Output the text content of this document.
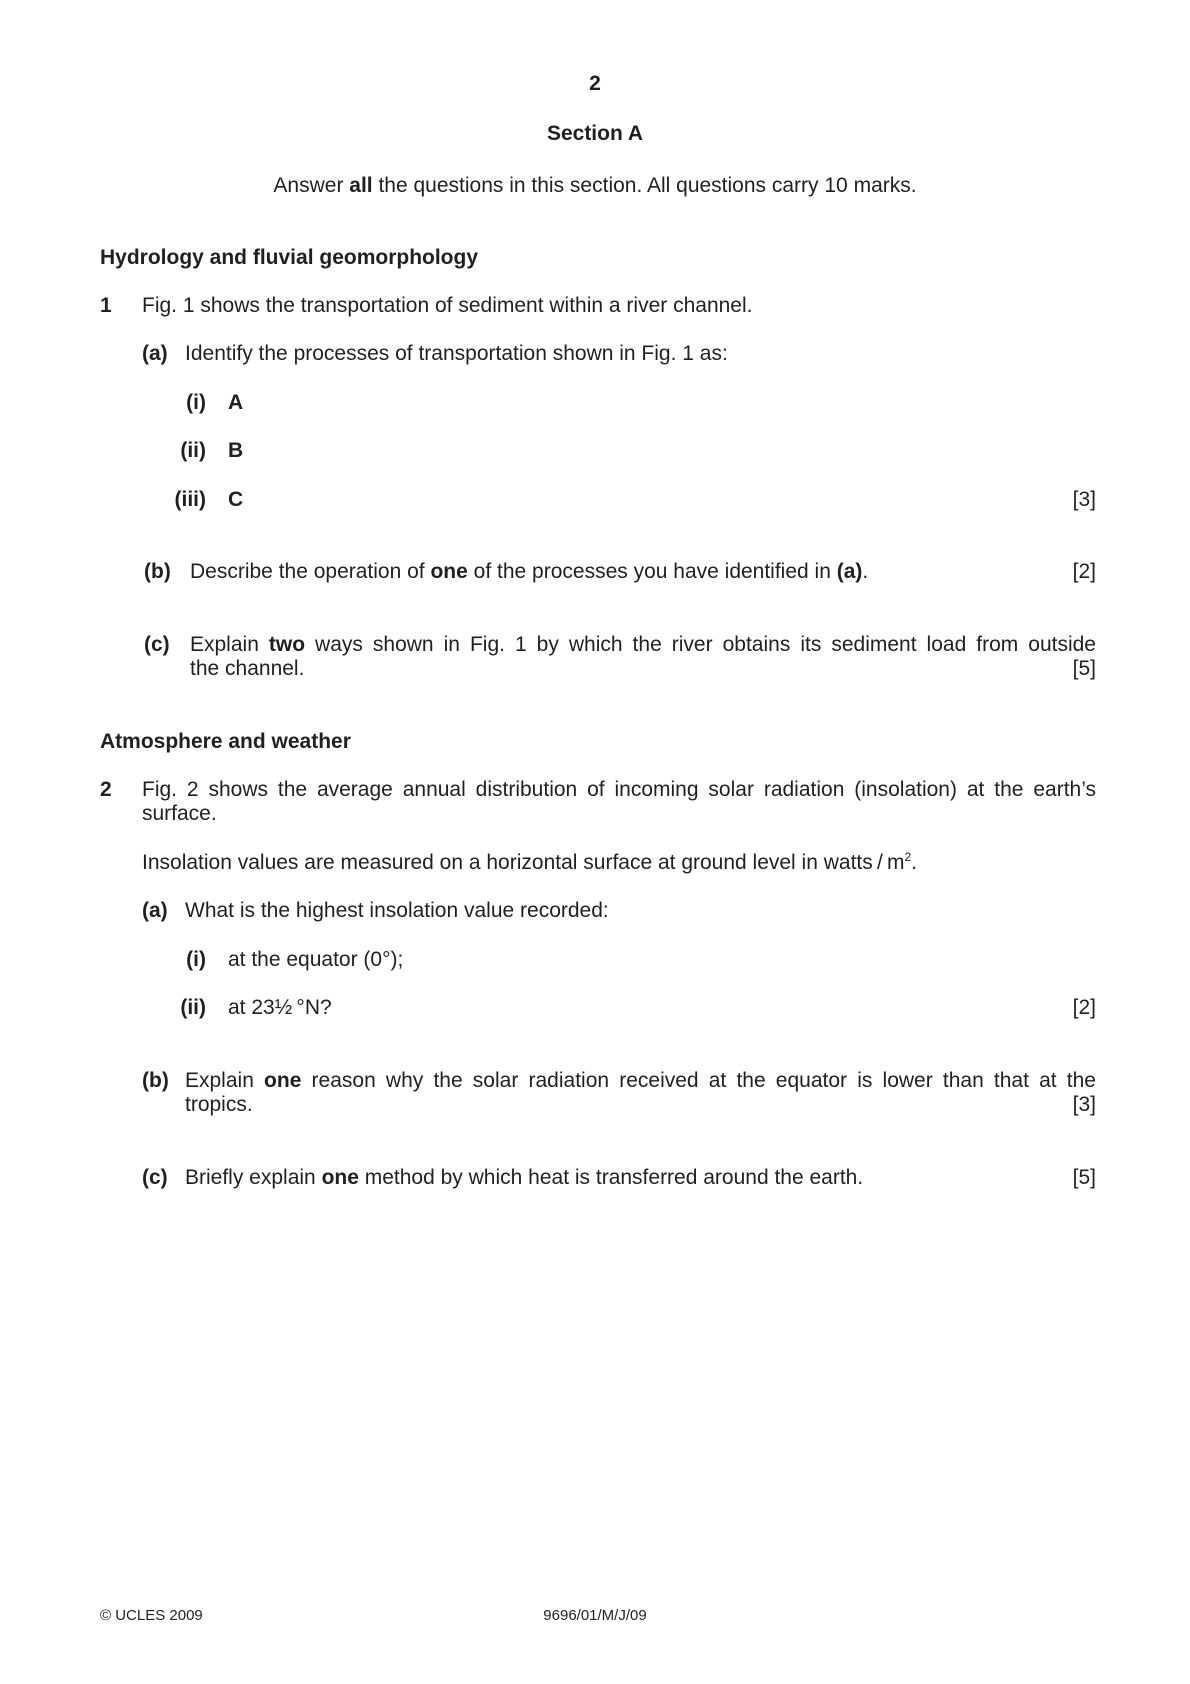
2
Section A
Answer all the questions in this section. All questions carry 10 marks.
Hydrology and fluvial geomorphology
1 Fig. 1 shows the transportation of sediment within a river channel.
(a) Identify the processes of transportation shown in Fig. 1 as:
(i) A
(ii) B
(iii) C	[3]
(b) Describe the operation of one of the processes you have identified in (a).	[2]
(c) Explain two ways shown in Fig. 1 by which the river obtains its sediment load from outside
the channel.	[5]
Atmosphere and weather
2 Fig. 2 shows the average annual distribution of incoming solar radiation (insolation) at the earth’s
surface.
Insolation values are measured on a horizontal surface at ground level in watts / $m^2$.
(a) What is the highest insolation value recorded:
(i) at the equator (0°);
(ii) at 23½ °N?	[2]
(b) Explain one reason why the solar radiation received at the equator is lower than that at the
tropics.	[3]
(c) Briefly explain one method by which heat is transferred around the earth.	[5]
© UCLES 2009	9696/01/M/J/09
